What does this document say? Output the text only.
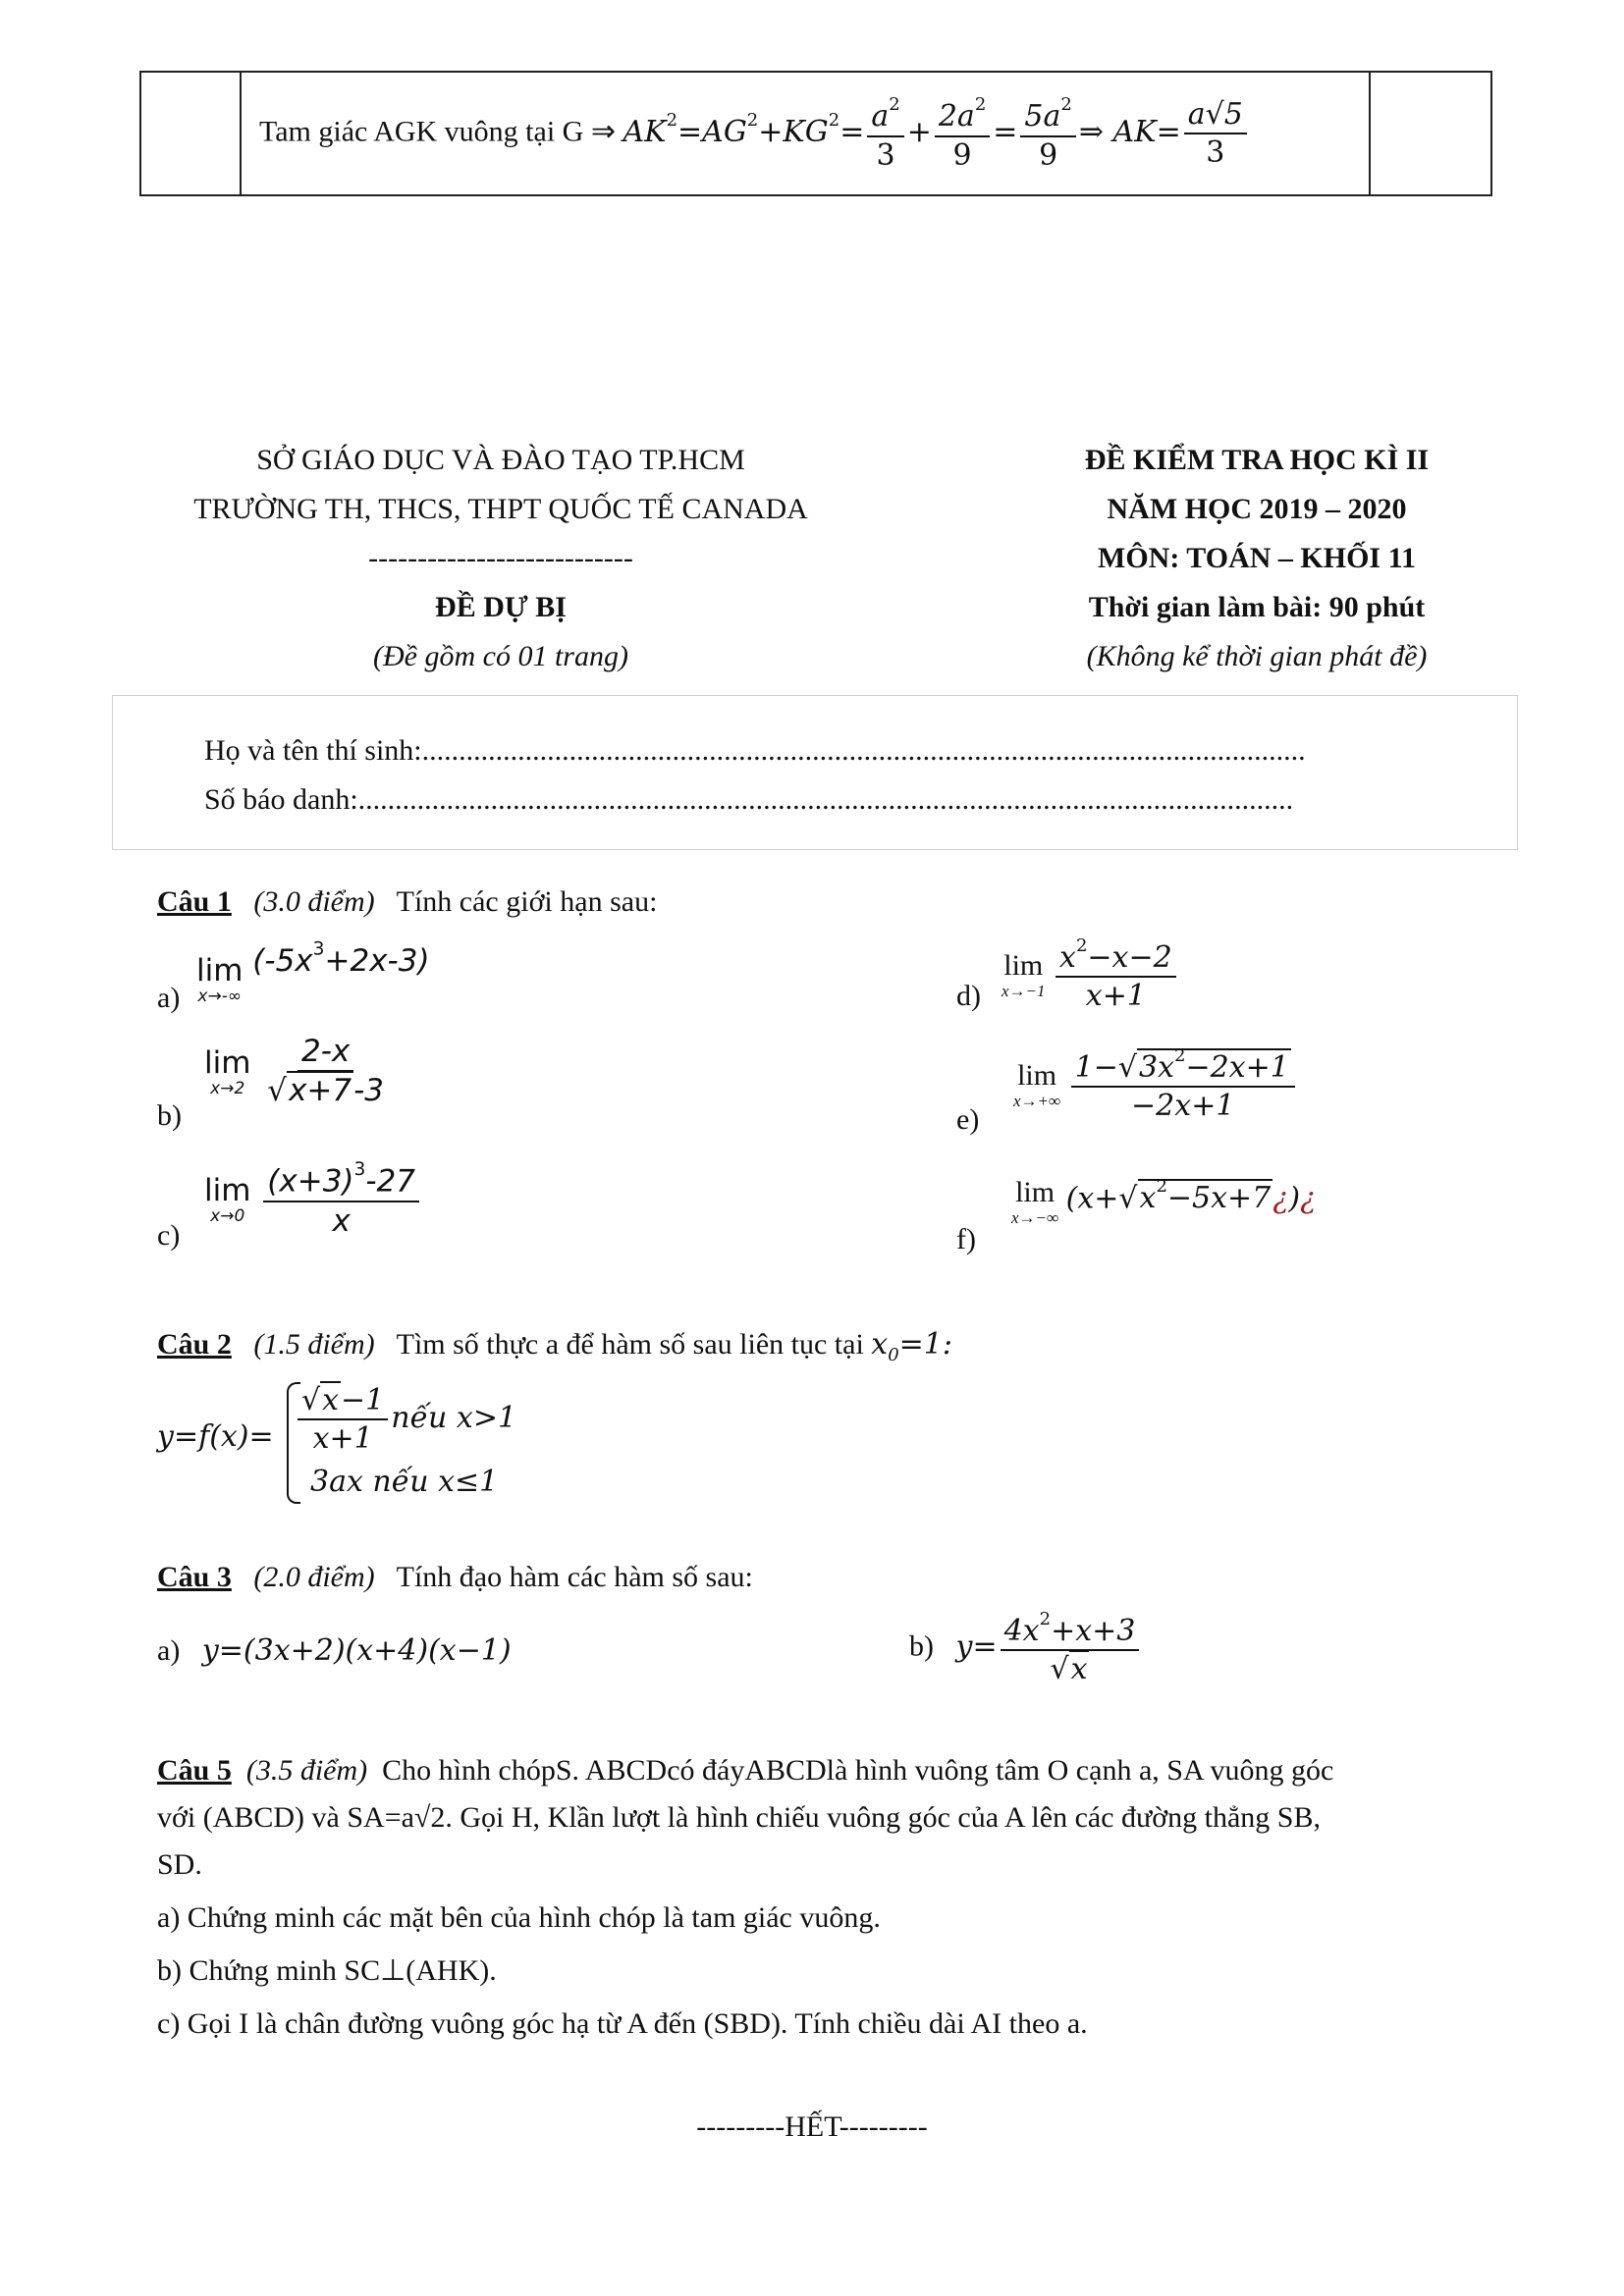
	Tam giác AGK vuông tại G ⇒ $AK^2=AG^2+KG^2= \frac{a^2}{3} + \frac{2a^2}{9} = \frac{5a^2}{9}$ ⇒ $AK= \frac{a√5}{3}$

SỞ GIÁO DỤC VÀ ĐÀO TẠO TP.HCM
TRƯỜNG TH, THCS, THPT QUỐC TẾ CANADA
---------------------------
ĐỀ DỰ BỊ
(Đề gồm có 01 trang)
ĐỀ KIỂM TRA HỌC KÌ II
NĂM HỌC 2019 – 2020
MÔN: TOÁN – KHỐI 11
Thời gian làm bài: 90 phút
(Không kể thời gian phát đề)
Họ và tên thí sinh:........................................................................................................................
Số báo danh:...............................................................................................................................
Câu 1 (3.0 điểm) Tính các giới hạn sau:
a)
lim
x→-∞
$(-5x^3+2x-3)$
b)
lim
x→2
$\frac{2-x}{√x+7-3}$
c)
lim
x→0
$\frac{(x+3)^3-27}{x}$
d)
lim
x→−1
$\frac{x^2-x-2}{x+1}$
e)
lim
x→+∞
$\frac{1-√3x^2-2x+1}{-2x+1}$
f)
lim
x→−∞
$(x+√x^2-5x+7¿)¿$
Câu 2 (1.5 điểm) Tìm số thực a để hàm số sau liên tục tại $x_0=1$:
$y=f(x)= \frac{√x-1}{x+1}$ nếu x>1
3ax nếu x≤1
Câu 3 (2.0 điểm) Tính đạo hàm các hàm số sau:
a) y=(3x+2)(x+4)(x−1)	b) $y= \frac{4x^2+x+3}{√x}$
Câu 5 (3.5 điểm) Cho hình chópS. ABCDcó đáyABCDlà hình vuông tâm O cạnh a, SA vuông góc
với (ABCD) và SA=a√2. Gọi H, Klần lượt là hình chiếu vuông góc của A lên các đường thẳng SB,
SD.
a) Chứng minh các mặt bên của hình chóp là tam giác vuông.
b) Chứng minh SC⊥(AHK).
c) Gọi I là chân đường vuông góc hạ từ A đến (SBD). Tính chiều dài AI theo a.
---------HẾT---------
